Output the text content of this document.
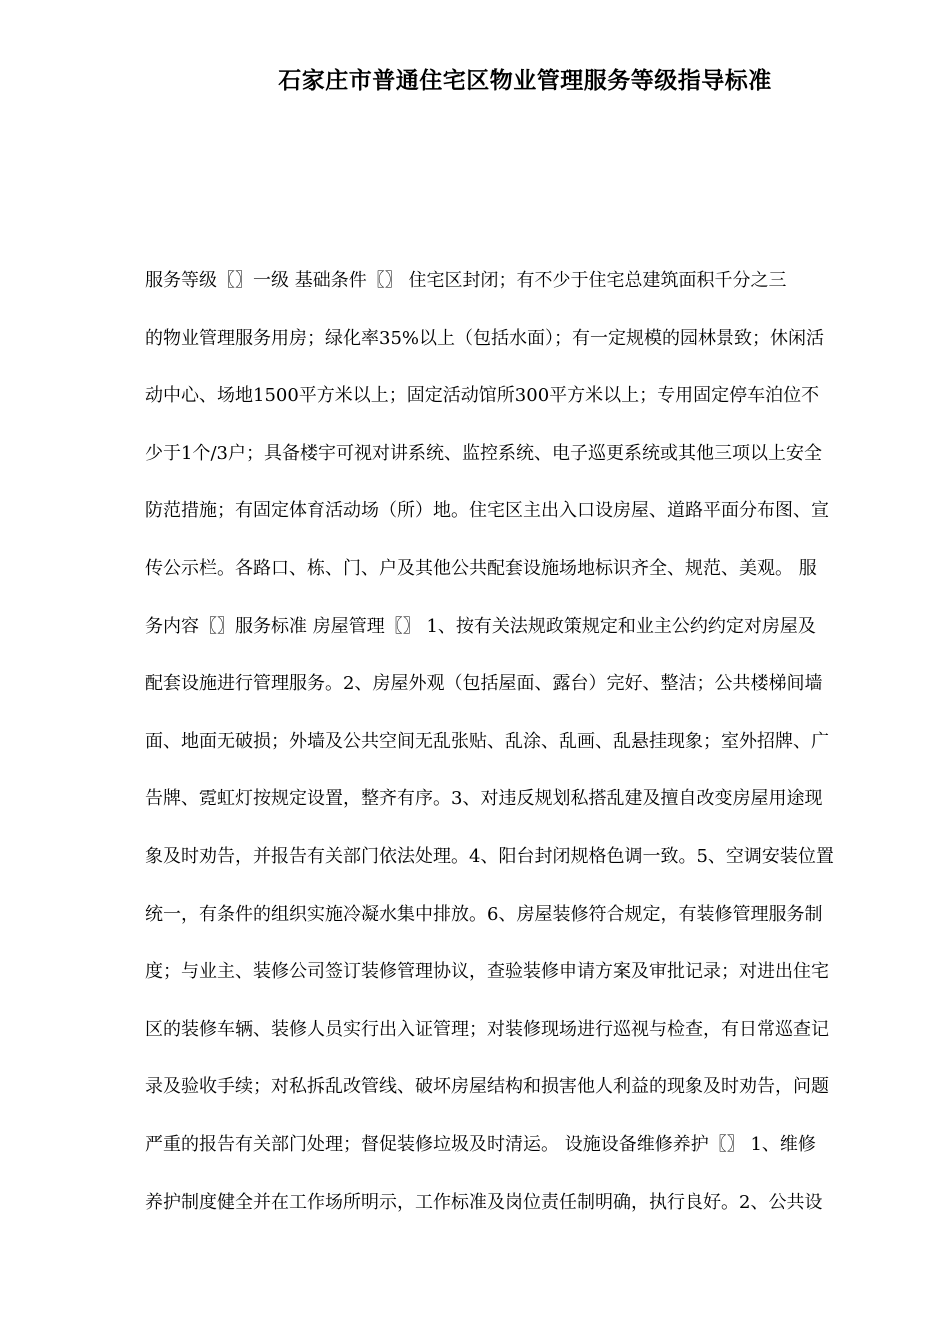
石家庄市普通住宅区物业管理服务等级指导标准
服务等级〖〗一级 基础条件〖〗 住宅区封闭；有不少于住宅总建筑面积千分之三
的物业管理服务用房；绿化率35%以上（包括水面）；有一定规模的园林景致；休闲活
动中心、场地1500平方米以上；固定活动馆所300平方米以上；专用固定停车泊位不
少于1个/3户；具备楼宇可视对讲系统、监控系统、电子巡更系统或其他三项以上安全
防范措施；有固定体育活动场（所）地。住宅区主出入口设房屋、道路平面分布图、宣
传公示栏。各路口、栋、门、户及其他公共配套设施场地标识齐全、规范、美观。 服
务内容〖〗服务标准 房屋管理〖〗 1、按有关法规政策规定和业主公约约定对房屋及
配套设施进行管理服务。2、房屋外观（包括屋面、露台）完好、整洁；公共楼梯间墙
面、地面无破损；外墙及公共空间无乱张贴、乱涂、乱画、乱悬挂现象；室外招牌、广
告牌、霓虹灯按规定设置，整齐有序。3、对违反规划私搭乱建及擅自改变房屋用途现
象及时劝告，并报告有关部门依法处理。4、阳台封闭规格色调一致。5、空调安装位置
统一，有条件的组织实施冷凝水集中排放。6、房屋装修符合规定，有装修管理服务制
度；与业主、装修公司签订装修管理协议，查验装修申请方案及审批记录；对进出住宅
区的装修车辆、装修人员实行出入证管理；对装修现场进行巡视与检查，有日常巡查记
录及验收手续；对私拆乱改管线、破坏房屋结构和损害他人利益的现象及时劝告，问题
严重的报告有关部门处理；督促装修垃圾及时清运。 设施设备维修养护〖〗 1、维修
养护制度健全并在工作场所明示，工作标准及岗位责任制明确，执行良好。2、公共设
